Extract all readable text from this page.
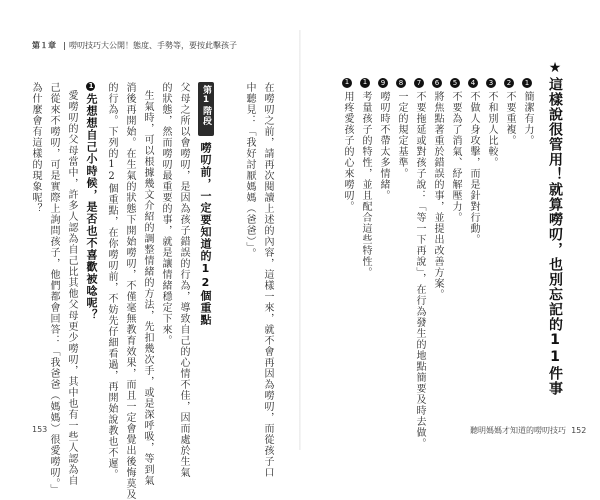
第１章 嘮叨技巧大公開！態度、手勢等，要按此擊孩子
★這樣說很管用！就算嘮叨，也別忘記的11件事
1簡潔有力。
2不要重複。
3不和別人比較。
4不做人身攻擊，而是針對行動。
5不要為了消氣、紓解壓力。
6將焦點著重於錯誤的事，並提出改善方案。
7不要拖延或對孩子說：「等一下再說」，在行為發生的地點簡要及時去做。
8一定的規定基準。
9嘮叨時不帶太多情緒。
10考量孩子的特性，並且配合這些特性。
11用疼愛孩子的心來嘮叨。
在嘮叨之前，請再次閱讀上述的內容，這樣一來，就不會再因為嘮叨，而從孩子口
中聽見：「我好討厭媽媽（爸爸）」。
第1階段
嘮叨前，一定要知道的12個重點
父母之所以會嘮叨，是因為孩子錯誤的行為，導致自己的心情不佳，因而處於生氣
的狀態，然而嘮叨最重要的事，就是讓情緒穩定下來。
生氣時，可以根據幾文介紹的調整情緒的方法，先扣幾次手，或是深呼吸，等到氣
消後再開始。在生氣的狀態下開始嘮叨，不僅毫無教育效果，而且一定會覺出後悔莫及
的行為。下列的12個重點，在你嘮叨前，不妨先仔細看過，再開始說教也不遲。
1先想想自己小時候，是否也不喜歡被唸呢？
愛嘮叨的父母當中，許多人認為自己比其他父母更少嘮叨，其中也有一些人認為自
己從來不嘮叨，可是實際上詢問孩子，他們都會回答：「我爸爸（媽媽）很愛嘮叨。」
為什麼會有這樣的現象呢？
153	聽明媽媽才知道的嘮叨技巧 152
